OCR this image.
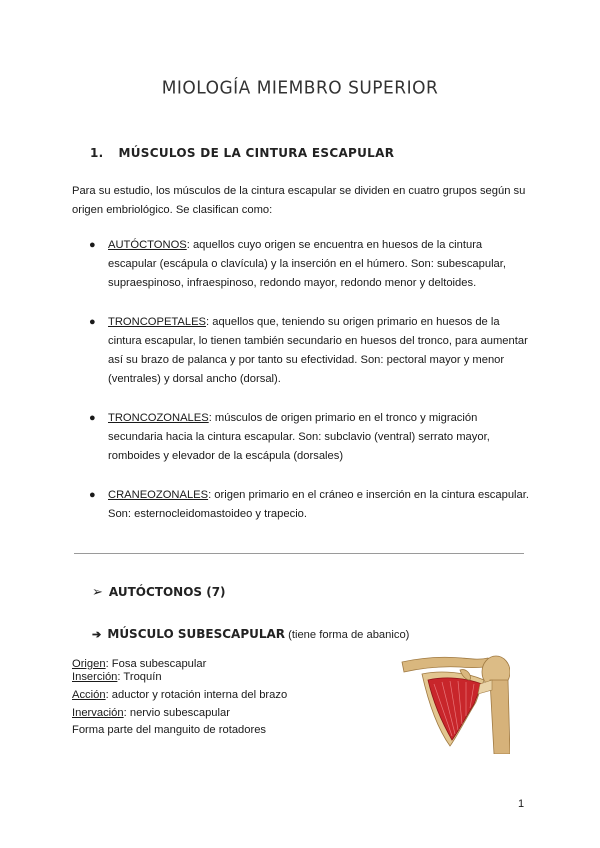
MIOLOGÍA MIEMBRO SUPERIOR
1. MÚSCULOS DE LA CINTURA ESCAPULAR
Para su estudio, los músculos de la cintura escapular se dividen en cuatro grupos según su origen embriológico. Se clasifican como:
● AUTÓCTONOS: aquellos cuyo origen se encuentra en huesos de la cintura escapular (escápula o clavícula) y la inserción en el húmero. Son: subescapular, supraespinoso, infraespinoso, redondo mayor, redondo menor y deltoides.
● TRONCOPETALES: aquellos que, teniendo su origen primario en huesos de la cintura escapular, lo tienen también secundario en huesos del tronco, para aumentar así su brazo de palanca y por tanto su efectividad. Son: pectoral mayor y menor (ventrales) y dorsal ancho (dorsal).
● TRONCOZONALES: músculos de origen primario en el tronco y migración secundaria hacia la cintura escapular. Son: subclavio (ventral) serrato mayor, romboides y elevador de la escápula (dorsales)
● CRANEOZONALES: origen primario en el cráneo e inserción en la cintura escapular. Son: esternocleidomastoideo y trapecio.
➢ AUTÓCTONOS (7)
➔ MÚSCULO SUBESCAPULAR (tiene forma de abanico)
Origen: Fosa subescapular
Inserción: Troquín
Acción: aductor y rotación interna del brazo
Inervación: nervio subescapular
Forma parte del manguito de rotadores
1
